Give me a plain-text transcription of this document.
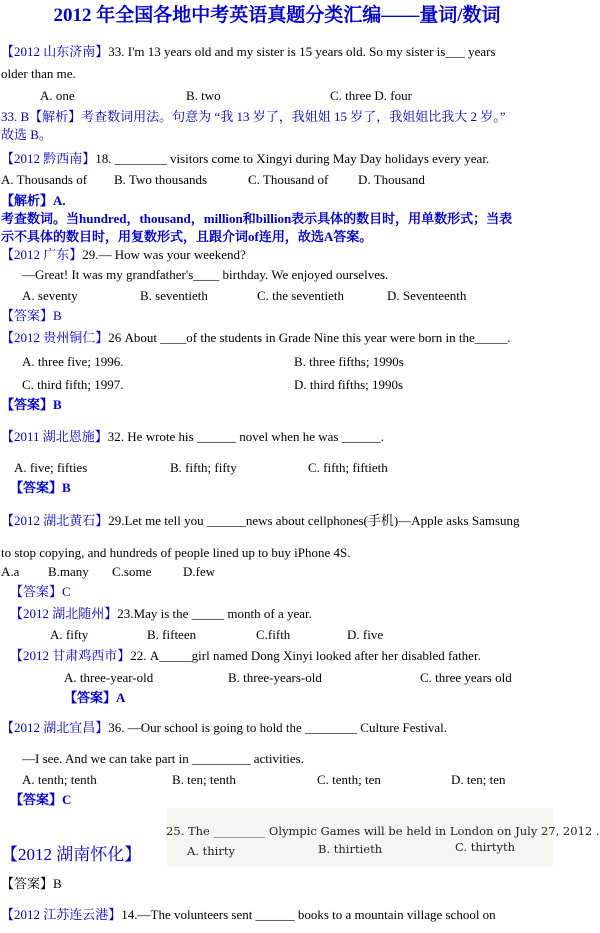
2012 年全国各地中考英语真题分类汇编——量词/数词
【2012 山东济南】33. I'm 13 years old and my sister is 15 years old. So my sister is___ years
older than me.
A. one	B. two	C. three D. four
33. B【解析】考查数词用法。句意为 “我 13 岁了，我姐姐 15 岁了，我姐姐比我大 2 岁。”
故选 B。
【2012 黔西南】18. ________ visitors come to Xingyi during May Day holidays every year.
A. Thousands of B. Two thousands	C. Thousand of D. Thousand
【解析】A.
考查数词。当hundred，thousand，million和billion表示具体的数目时，用单数形式；当表
示不具体的数目时，用复数形式，且跟介词of连用，故选A答案。
【2012 广东】29.— How was your weekend?
—Great! It was my grandfather's____ birthday. We enjoyed ourselves.
A. seventy	B. seventieth	C. the seventieth	D. Seventeenth
【答案】B
【2012 贵州铜仁】26 About ____of the students in Grade Nine this year were born in the_____.
A. three five; 1996.	B. three fifths; 1990s
C. third fifth; 1997.	D. third fifths; 1990s
【答案】B
【2011 湖北恩施】32. He wrote his ______ novel when he was ______.
A. five; fifties	B. fifth; fifty	C. fifth; fiftieth
【答案】B
【2012 湖北黄石】29.Let me tell you ______news about cellphones(手机)—Apple asks Samsung
to stop copying, and hundreds of people lined up to buy iPhone 4S.
A.a B.many C.some D.few
【答案】C
【2012 湖北随州】23.May is the _____ month of a year.
A. fifty	B. fifteen	C.fifth	D. five
【2012 甘肃鸡西市】22. A_____girl named Dong Xinyi looked after her disabled father.
A. three-year-old	B. three-years-old	C. three years old
【答案】A
【2012 湖北宜昌】36. —Our school is going to hold the ________ Culture Festival.
—I see. And we can take part in _________ activities.
A. tenth; tenth	B. ten; tenth	C. tenth; ten	D. ten; ten
【答案】C
【2012 湖南怀化】
25. The _________ Olympic Games will be held in London on July 27, 2012 .
A. thirty	B. thirtieth	C. thirtyth
【答案】B
【2012 江苏连云港】14.—The volunteers sent ______ books to a mountain village school on
